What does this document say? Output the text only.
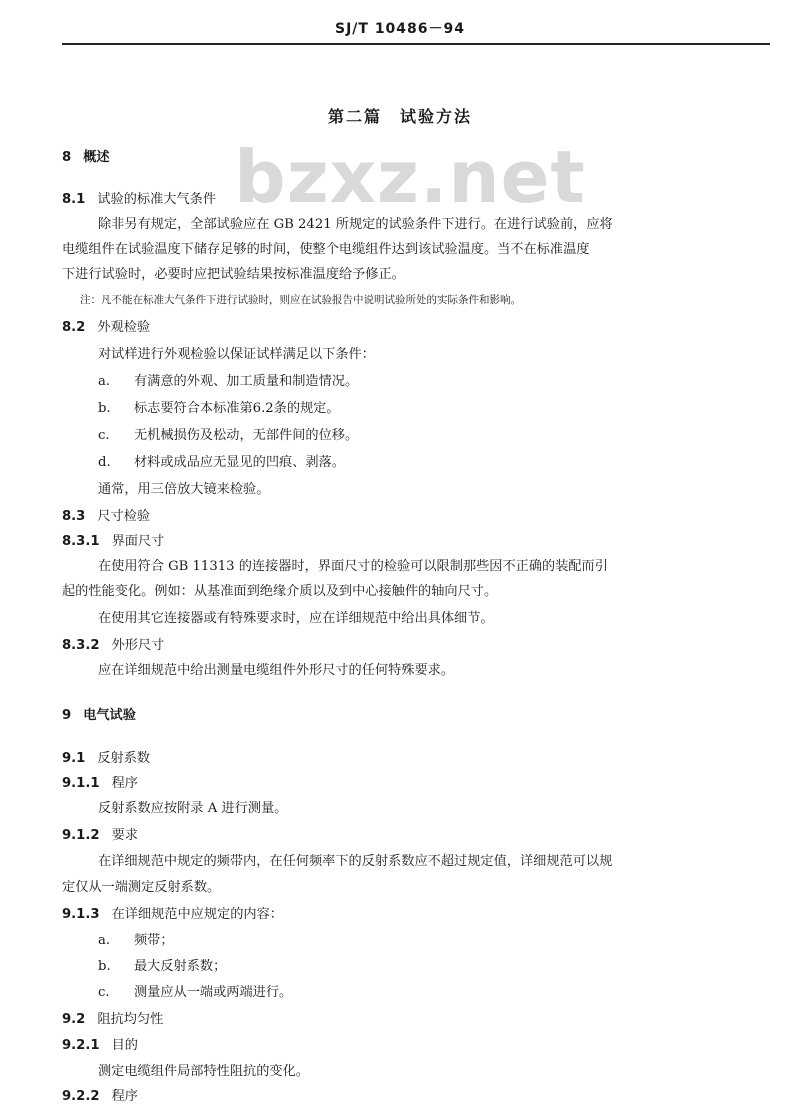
SJ/T 10486－94
bzxz.net
第二篇　试验方法
8 概述
8.1 试验的标准大气条件
除非另有规定，全部试验应在 GB 2421 所规定的试验条件下进行。在进行试验前，应将
电缆组件在试验温度下储存足够的时间，使整个电缆组件达到该试验温度。当不在标准温度
下进行试验时，必要时应把试验结果按标准温度给予修正。
注：凡不能在标准大气条件下进行试验时，则应在试验报告中说明试验所处的实际条件和影响。
8.2 外观检验
对试样进行外观检验以保证试样满足以下条件：
a. 有满意的外观、加工质量和制造情况。
b. 标志要符合本标准第6.2条的规定。
c. 无机械损伤及松动，无部件间的位移。
d. 材料或成品应无显见的凹痕、剥落。
通常，用三倍放大镜来检验。
8.3 尺寸检验
8.3.1 界面尺寸
在使用符合 GB 11313 的连接器时，界面尺寸的检验可以限制那些因不正确的装配而引
起的性能变化。例如：从基准面到绝缘介质以及到中心接触件的轴向尺寸。
在使用其它连接器或有特殊要求时，应在详细规范中给出具体细节。
8.3.2 外形尺寸
应在详细规范中给出测量电缆组件外形尺寸的任何特殊要求。
9 电气试验
9.1 反射系数
9.1.1 程序
反射系数应按附录 A 进行测量。
9.1.2 要求
在详细规范中规定的频带内，在任何频率下的反射系数应不超过规定值，详细规范可以规
定仅从一端测定反射系数。
9.1.3 在详细规范中应规定的内容：
a. 频带；
b. 最大反射系数；
c. 测量应从一端或两端进行。
9.2 阻抗均匀性
9.2.1 目的
测定电缆组件局部特性阻抗的变化。
9.2.2 程序
